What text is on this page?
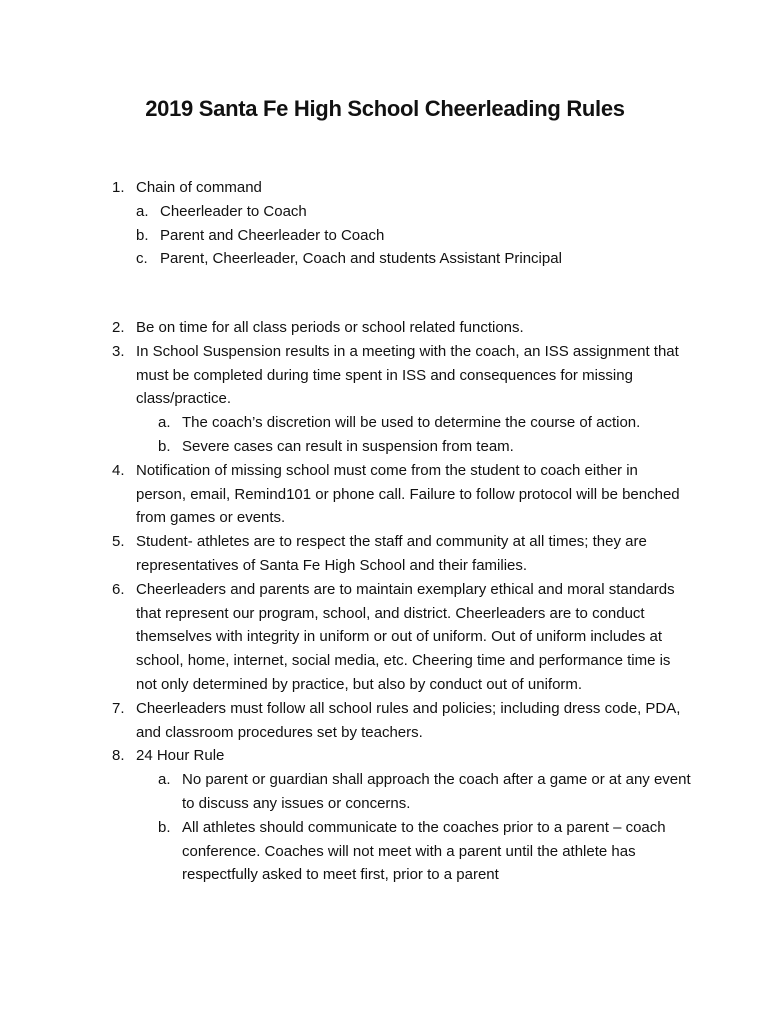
2019 Santa Fe High School Cheerleading Rules
1. Chain of command
a. Cheerleader to Coach
b. Parent and Cheerleader to Coach
c. Parent, Cheerleader, Coach and students Assistant Principal
2. Be on time for all class periods or school related functions.
3. In School Suspension results in a meeting with the coach, an ISS assignment that must be completed during time spent in ISS and consequences for missing class/practice.
a. The coach’s discretion will be used to determine the course of action.
b. Severe cases can result in suspension from team.
4. Notification of missing school must come from the student to coach either in person, email, Remind101 or phone call. Failure to follow protocol will be benched from games or events.
5. Student- athletes are to respect the staff and community at all times; they are representatives of Santa Fe High School and their families.
6. Cheerleaders and parents are to maintain exemplary ethical and moral standards that represent our program, school, and district. Cheerleaders are to conduct themselves with integrity in uniform or out of uniform. Out of uniform includes at school, home, internet, social media, etc. Cheering time and performance time is not only determined by practice, but also by conduct out of uniform.
7. Cheerleaders must follow all school rules and policies; including dress code, PDA, and classroom procedures set by teachers.
8. 24 Hour Rule
a. No parent or guardian shall approach the coach after a game or at any event to discuss any issues or concerns.
b. All athletes should communicate to the coaches prior to a parent – coach conference. Coaches will not meet with a parent until the athlete has respectfully asked to meet first, prior to a parent
